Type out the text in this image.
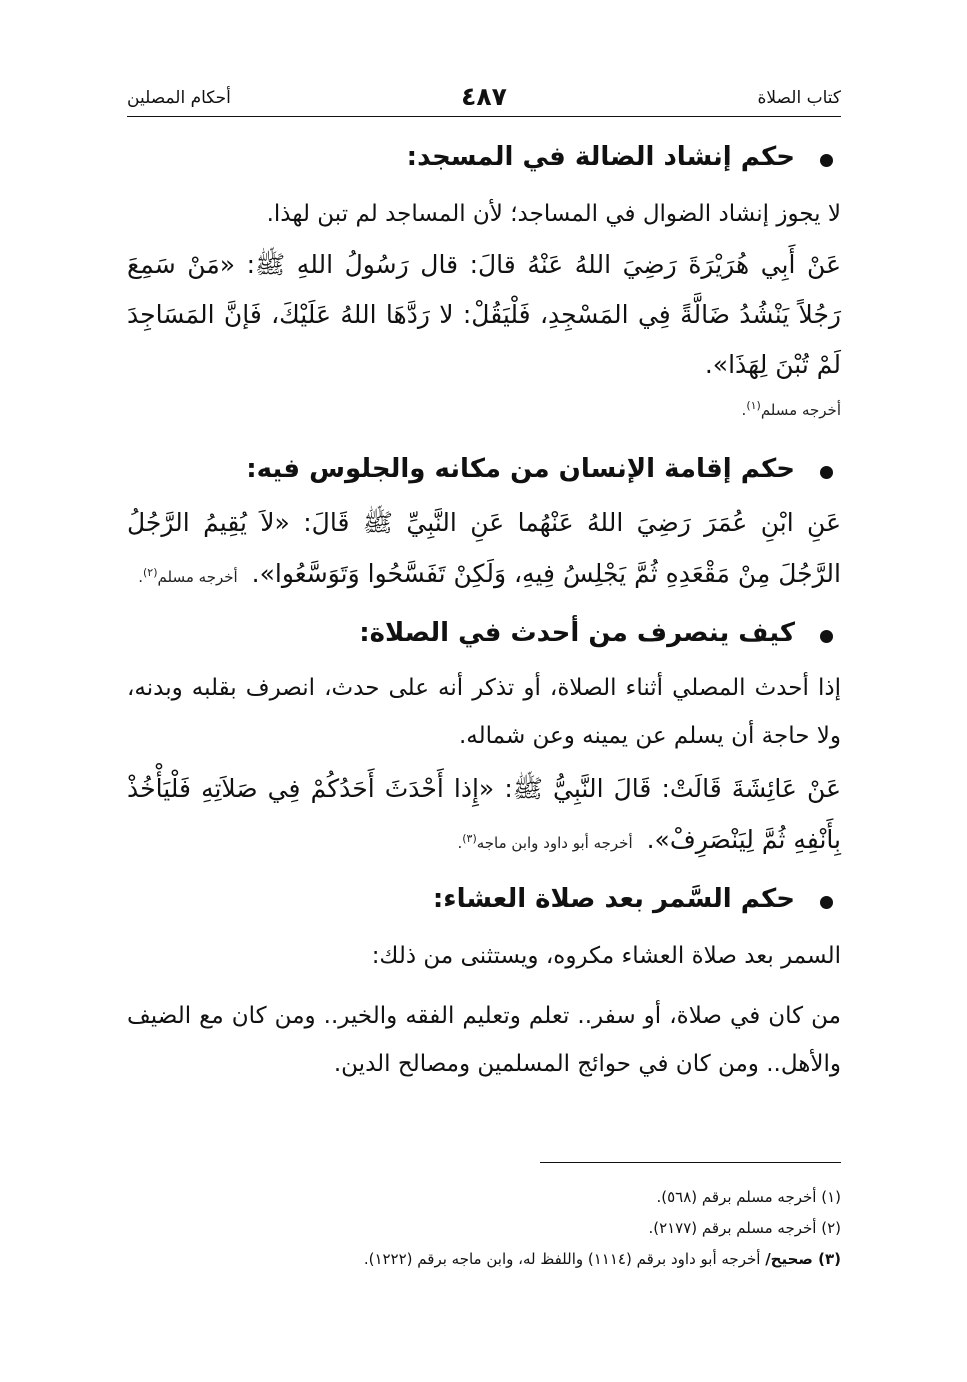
كتاب الصلاة
٤٨٧
أحكام المصلين
حكم إنشاد الضالة في المسجد:
لا يجوز إنشاد الضوال في المساجد؛ لأن المساجد لم تبن لهذا.
عَنْ أَبِي هُرَيْرَةَ رَضِيَ اللهُ عَنْهُ قالَ: قال رَسُولُ اللهِ ﷺ: «مَنْ سَمِعَ رَجُلاً يَنْشُدُ ضَالَّةً فِي المَسْجِدِ، فَلْيَقُلْ: لا رَدَّهَا اللهُ عَلَيْكَ، فَإنَّ المَسَاجِدَ لَمْ تُبْنَ لِهَذَا».
أخرجه مسلم$^{(١)}$.
حكم إقامة الإنسان من مكانه والجلوس فيه:
عَنِ ابْنِ عُمَرَ رَضِيَ اللهُ عَنْهُما عَنِ النَّبِيِّ ﷺ قَالَ: «لاَ يُقِيمُ الرَّجُلُ الرَّجُلَ مِنْ مَقْعَدِهِ ثُمَّ يَجْلِسُ فِيهِ، وَلَكِنْ تَفَسَّحُوا وَتَوَسَّعُوا». أخرجه مسلم$^{(٢)}$.
كيف ينصرف من أحدث في الصلاة:
إذا أحدث المصلي أثناء الصلاة، أو تذكر أنه على حدث، انصرف بقلبه وبدنه، ولا حاجة أن يسلم عن يمينه وعن شماله.
عَنْ عَائِشَةَ قَالَتْ: قَالَ النَّبِيُّ ﷺ: «إِذا أَحْدَثَ أَحَدُكُمْ فِي صَلاَتِهِ فَلْيَأْخُذْ بِأَنْفِهِ ثُمَّ لِيَنْصَرِفْ». أخرجه أبو داود وابن ماجه$^{(٣)}$.
حكم السَّمر بعد صلاة العشاء:
السمر بعد صلاة العشاء مكروه، ويستثنى من ذلك:
من كان في صلاة، أو سفر.. تعلم وتعليم الفقه والخير.. ومن كان مع الضيف والأهل.. ومن كان في حوائج المسلمين ومصالح الدين.
(١) أخرجه مسلم برقم (٥٦٨).
(٢) أخرجه مسلم برقم (٢١٧٧).
(٣) صحيح/ أخرجه أبو داود برقم (١١١٤) واللفظ له، وابن ماجه برقم (١٢٢٢).
